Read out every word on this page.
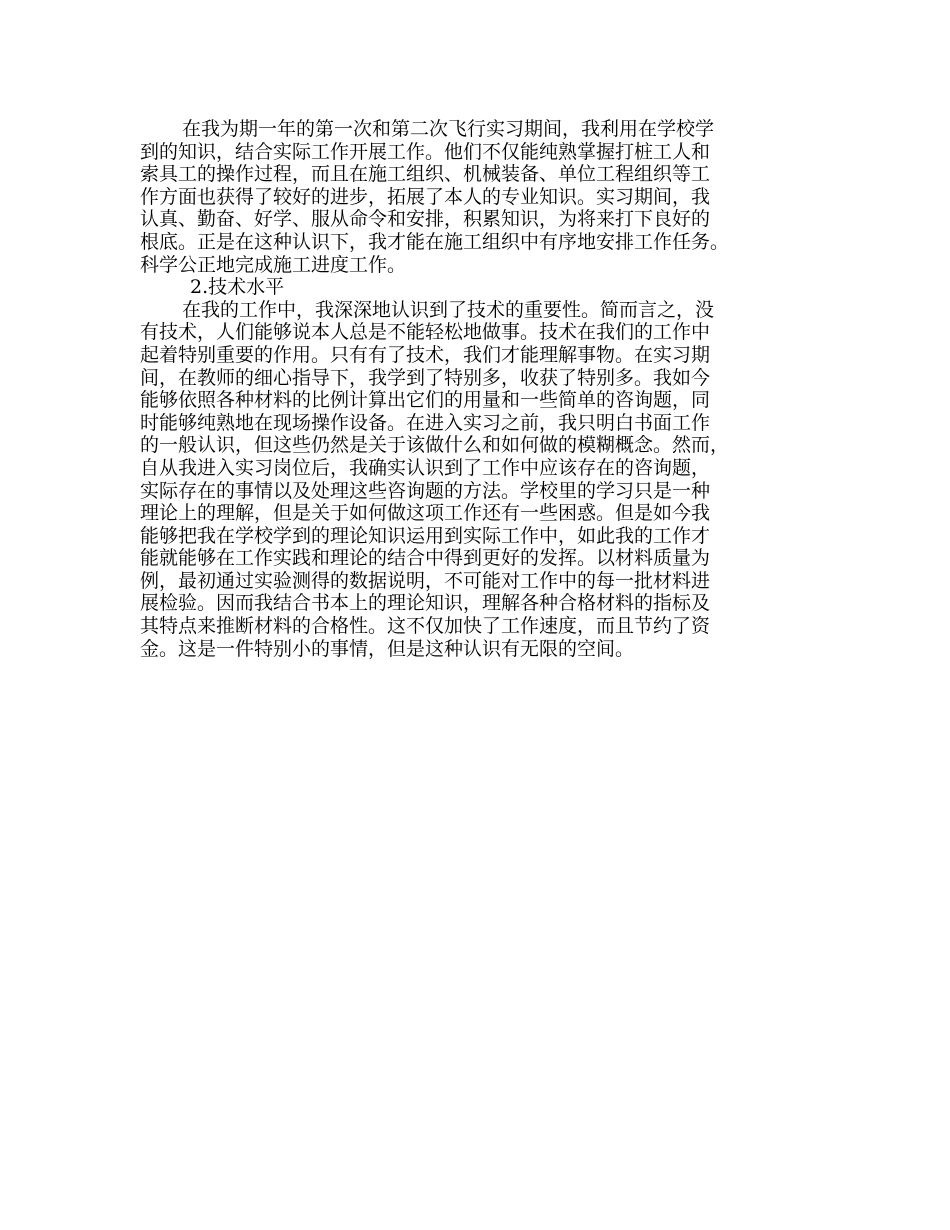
在我为期一年的第一次和第二次飞行实习期间，我利用在学校学
到的知识，结合实际工作开展工作。他们不仅能纯熟掌握打桩工人和
索具工的操作过程，而且在施工组织、机械装备、单位工程组织等工
作方面也获得了较好的进步，拓展了本人的专业知识。实习期间，我
认真、勤奋、好学、服从命令和安排，积累知识，为将来打下良好的
根底。正是在这种认识下，我才能在施工组织中有序地安排工作任务。
科学公正地完成施工进度工作。
2.技术水平
在我的工作中，我深深地认识到了技术的重要性。简而言之，没
有技术，人们能够说本人总是不能轻松地做事。技术在我们的工作中
起着特别重要的作用。只有有了技术，我们才能理解事物。在实习期
间，在教师的细心指导下，我学到了特别多，收获了特别多。我如今
能够依照各种材料的比例计算出它们的用量和一些简单的咨询题，同
时能够纯熟地在现场操作设备。在进入实习之前，我只明白书面工作
的一般认识，但这些仍然是关于该做什么和如何做的模糊概念。然而，
自从我进入实习岗位后，我确实认识到了工作中应该存在的咨询题，
实际存在的事情以及处理这些咨询题的方法。学校里的学习只是一种
理论上的理解，但是关于如何做这项工作还有一些困惑。但是如今我
能够把我在学校学到的理论知识运用到实际工作中，如此我的工作才
能就能够在工作实践和理论的结合中得到更好的发挥。以材料质量为
例，最初通过实验测得的数据说明，不可能对工作中的每一批材料进
展检验。因而我结合书本上的理论知识，理解各种合格材料的指标及
其特点来推断材料的合格性。这不仅加快了工作速度，而且节约了资
金。这是一件特别小的事情，但是这种认识有无限的空间。
